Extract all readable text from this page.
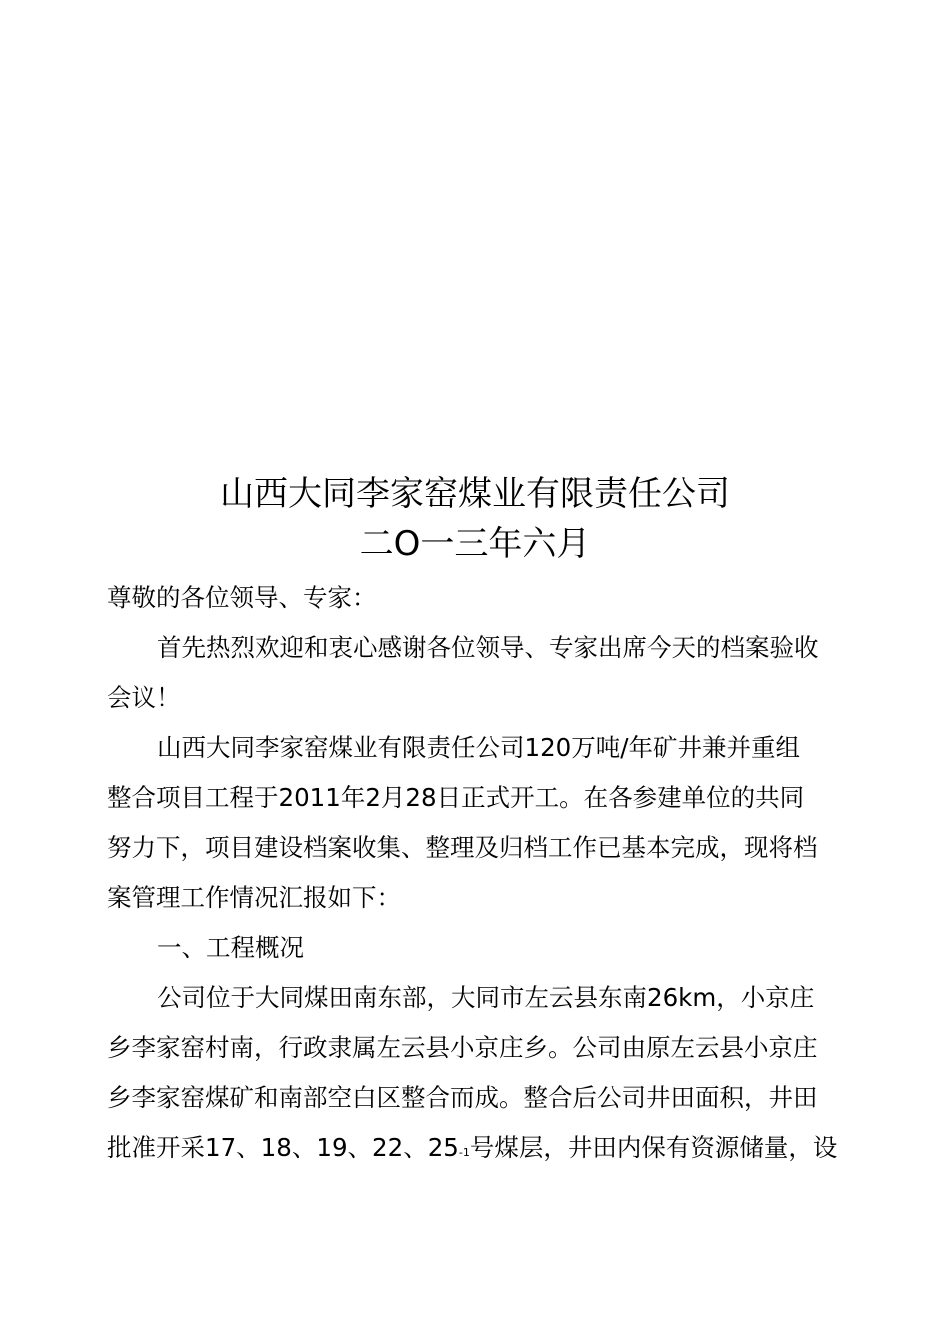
山西大同李家窑煤业有限责任公司
二O一三年六月
尊敬的各位领导、专家：
首先热烈欢迎和衷心感谢各位领导、专家出席今天的档案验收
会议！
山西大同李家窑煤业有限责任公司120万吨/年矿井兼并重组
整合项目工程于2011年2月28日正式开工。在各参建单位的共同
努力下，项目建设档案收集、整理及归档工作已基本完成，现将档
案管理工作情况汇报如下：
一、工程概况
公司位于大同煤田南东部，大同市左云县东南26km，小京庄
乡李家窑村南，行政隶属左云县小京庄乡。公司由原左云县小京庄
乡李家窑煤矿和南部空白区整合而成。整合后公司井田面积，井田
批准开采17、18、19、22、25-1号煤层，井田内保有资源储量，设
